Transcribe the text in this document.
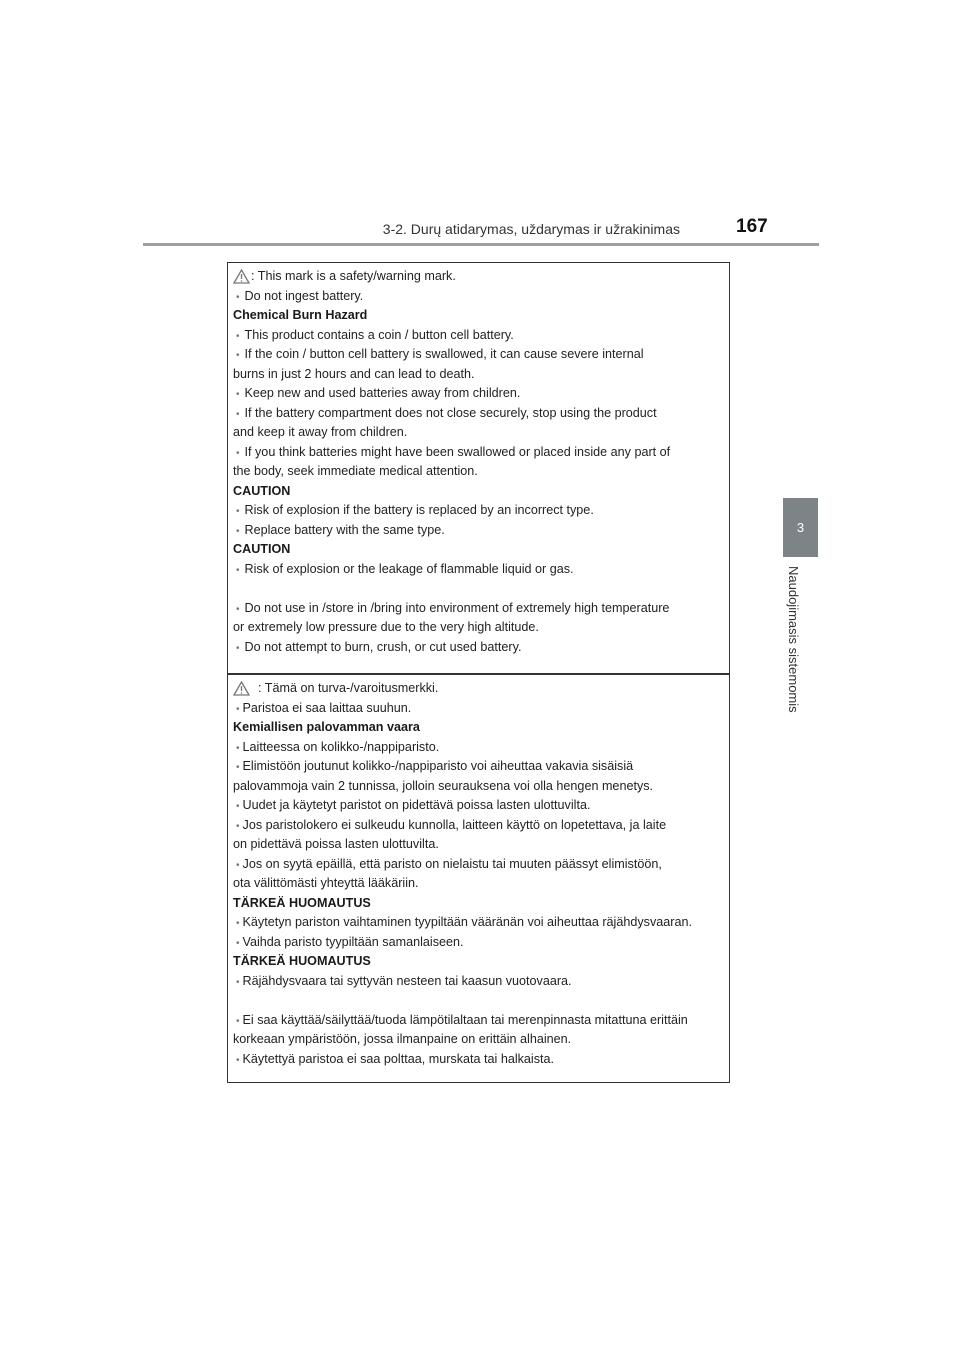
3-2. Durų atidarymas, uždarymas ir užrakinimas	167
3
Naudojimasis sistemomis
: This mark is a safety/warning mark.
• Do not ingest battery.
Chemical Burn Hazard
• This product contains a coin / button cell battery.
• If the coin / button cell battery is swallowed, it can cause severe internal
burns in just 2 hours and can lead to death.
• Keep new and used batteries away from children.
• If the battery compartment does not close securely, stop using the product
and keep it away from children.
• If you think batteries might have been swallowed or placed inside any part of
the body, seek immediate medical attention.
CAUTION
• Risk of explosion if the battery is replaced by an incorrect type.
• Replace battery with the same type.
CAUTION
• Risk of explosion or the leakage of flammable liquid or gas.
• Do not use in /store in /bring into environment of extremely high temperature
or extremely low pressure due to the very high altitude.
• Do not attempt to burn, crush, or cut used battery.
: Tämä on turva-/varoitusmerkki.
• Paristoa ei saa laittaa suuhun.
Kemiallisen palovamman vaara
• Laitteessa on kolikko-/nappiparisto.
• Elimistöön joutunut kolikko-/nappiparisto voi aiheuttaa vakavia sisäisiä
palovammoja vain 2 tunnissa, jolloin seurauksena voi olla hengen menetys.
• Uudet ja käytetyt paristot on pidettävä poissa lasten ulottuvilta.
• Jos paristolokero ei sulkeudu kunnolla, laitteen käyttö on lopetettava, ja laite
on pidettävä poissa lasten ulottuvilta.
• Jos on syytä epäillä, että paristo on nielaistu tai muuten päässyt elimistöön,
ota välittömästi yhteyttä lääkäriin.
TÄRKEÄ HUOMAUTUS
• Käytetyn pariston vaihtaminen tyypiltään vääränän voi aiheuttaa räjähdysvaaran.
• Vaihda paristo tyypiltään samanlaiseen.
TÄRKEÄ HUOMAUTUS
• Räjähdysvaara tai syttyvän nesteen tai kaasun vuotovaara.
• Ei saa käyttää/säilyttää/tuoda lämpötilaltaan tai merenpinnasta mitattuna erittäin
korkeaan ympäristöön, jossa ilmanpaine on erittäin alhainen.
• Käytettyä paristoa ei saa polttaa, murskata tai halkaista.
